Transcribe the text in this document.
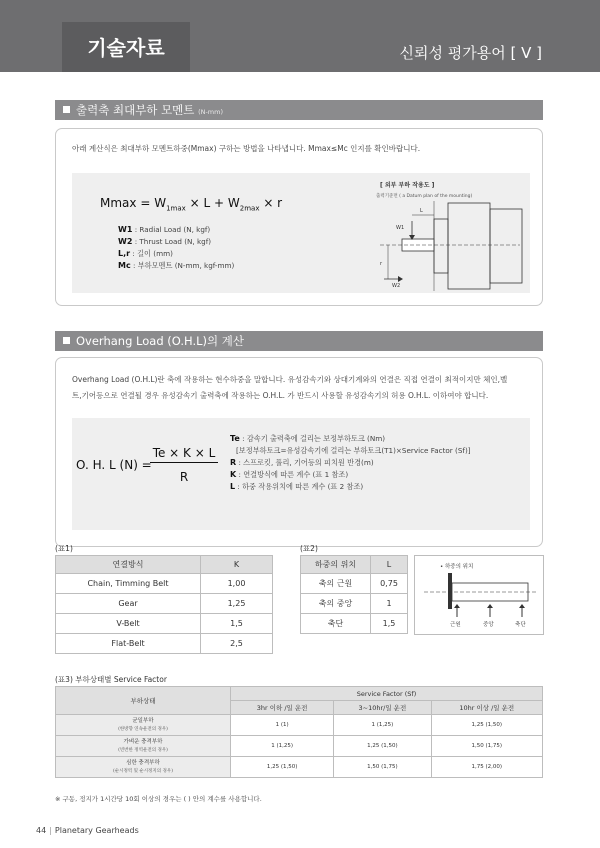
기술자료	신뢰성 평가용어 [ V ]
출력축 최대부하 모멘트 (N-mm)
아래 계산식은 최대부하 모멘트하중(Mmax) 구하는 방법을 나타냅니다. Mmax≤Mc 인지를 확인바랍니다.
$Mmax = W_{1max} \times L + W_{2max} \times r$
W1 : Radial Load (N, kgf)
W2 : Thrust Load (N, kgf)
L,r : 길이 (mm)
Mc : 부하모멘트 (N-mm, kgf-mm)
[ 외부 부하 작용도 ]
출력기준면 ( a Datum plan of the mounting)
L
W1
r
W2
Overhang Load (O.H.L)의 계산
Overhang Load (O.H.L)란 축에 작용하는 현수하중을 말합니다. 유성감속기와 상대기계와의 연결은 직접 연결이 최적이지만 체인,벨
트,기어등으로 연결될 경우 유성감속기 출력축에 작용하는 O.H.L. 가 반드시 사용할 유성감속기의 허용 O.H.L. 이하여야 합니다.
O. H. L (N) =
Te × K × L
R
Te : 감속기 출력축에 걸리는 보정부하토크 (Nm)
[보정부하토크=유성감속기에 걸리는 부하토크(T1)×Service Factor (Sf)]
R : 스프로킷, 풀리, 기어등의 피치원 반경(m)
K : 연결방식에 따른 계수 (표 1 참조)
L : 하중 작용위치에 따른 계수 (표 2 참조)
(표1)
연결방식	K
Chain, Timming Belt	1,00
Gear	1,25
V-Belt	1,5
Flat-Belt	2,5
(표2)
하중의 위치	L
축의 근원	0,75
축의 중앙	1
축단	1,5
• 하중의 위치
근원	중앙	축단
(표3) 부하상태별 Service Factor
부하상태	Service Factor (Sf)		
	3hr 이하 /일 운전	3~10hr/일 운전	10hr 이상 /일 운전
균일부하
(한방향 연속운전의 경우)	1 (1)	1 (1,25)	1,25 (1,50)
가벼운 충격부하
(빈번한 정역운전의 경우)	1 (1,25)	1,25 (1,50)	1,50 (1,75)
심한 충격부하
(순시정역 및 순시정지의 경우)	1,25 (1,50)	1,50 (1,75)	1,75 (2,00)
※ 구동, 정지가 1시간당 10회 이상의 경우는 ( ) 안의 계수를 사용합니다.
44 | Planetary Gearheads
